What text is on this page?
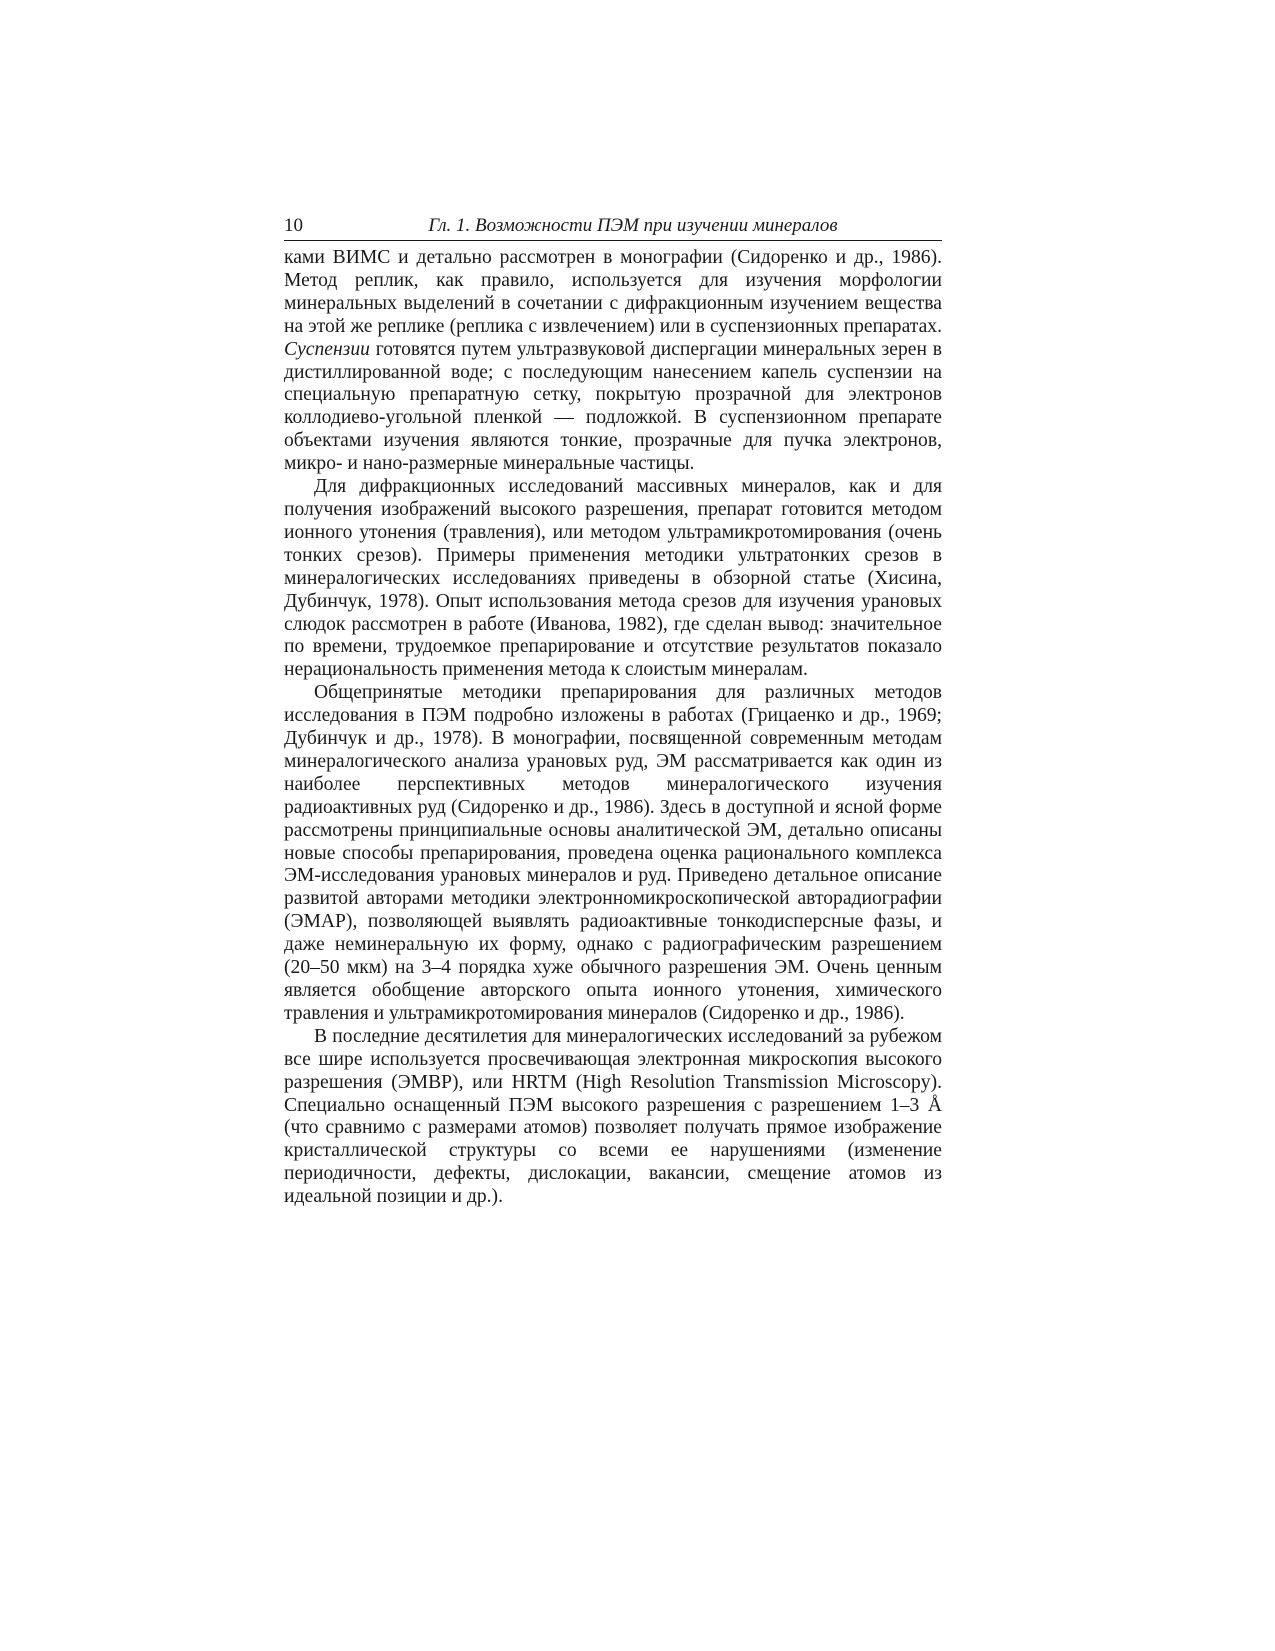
10	Гл. 1. Возможности ПЭМ при изучении минералов

ками ВИМС и детально рассмотрен в монографии (Сидоренко и др., 1986). Метод реплик, как правило, используется для изучения морфологии минеральных выделений в сочетании с дифракционным изучением вещества на этой же реплике (реплика с извлечением) или в суспензионных препаратах. Суспензии готовятся путем ультразвуковой диспергации минеральных зерен в дистиллированной воде; с последующим нанесением капель суспензии на специальную препаратную сетку, покрытую прозрачной для электронов коллодиево-угольной пленкой — подложкой. В суспензионном препарате объектами изучения являются тонкие, прозрачные для пучка электронов, микро- и нано-размерные минеральные частицы.

Для дифракционных исследований массивных минералов, как и для получения изображений высокого разрешения, препарат готовится методом ионного утонения (травления), или методом ультрамикротомирования (очень тонких срезов). Примеры применения методики ультратонких срезов в минералогических исследованиях приведены в обзорной статье (Хисина, Дубинчук, 1978). Опыт использования метода срезов для изучения урановых слюдок рассмотрен в работе (Иванова, 1982), где сделан вывод: значительное по времени, трудоемкое препарирование и отсутствие результатов показало нерациональность применения метода к слоистым минералам.

Общепринятые методики препарирования для различных методов исследования в ПЭМ подробно изложены в работах (Грицаенко и др., 1969; Дубинчук и др., 1978). В монографии, посвященной современным методам минералогического анализа урановых руд, ЭМ рассматривается как один из наиболее перспективных методов минералогического изучения радиоактивных руд (Сидоренко и др., 1986). Здесь в доступной и ясной форме рассмотрены принципиальные основы аналитической ЭМ, детально описаны новые способы препарирования, проведена оценка рационального комплекса ЭМ-исследования урановых минералов и руд. Приведено детальное описание развитой авторами методики электронномикроскопической авторадиографии (ЭМАР), позволяющей выявлять радиоактивные тонкодисперсные фазы, и даже неминеральную их форму, однако с радиографическим разрешением (20–50 мкм) на 3–4 порядка хуже обычного разрешения ЭМ. Очень ценным является обобщение авторского опыта ионного утонения, химического травления и ультрамикротомирования минералов (Сидоренко и др., 1986).

В последние десятилетия для минералогических исследований за рубежом все шире используется просвечивающая электронная микроскопия высокого разрешения (ЭМВР), или HRTM (High Resolution Transmission Microscopy). Специально оснащенный ПЭМ высокого разрешения с разрешением 1–3 Å (что сравнимо с размерами атомов) позволяет получать прямое изображение кристаллической структуры со всеми ее нарушениями (изменение периодичности, дефекты, дислокации, вакансии, смещение атомов из идеальной позиции и др.).
